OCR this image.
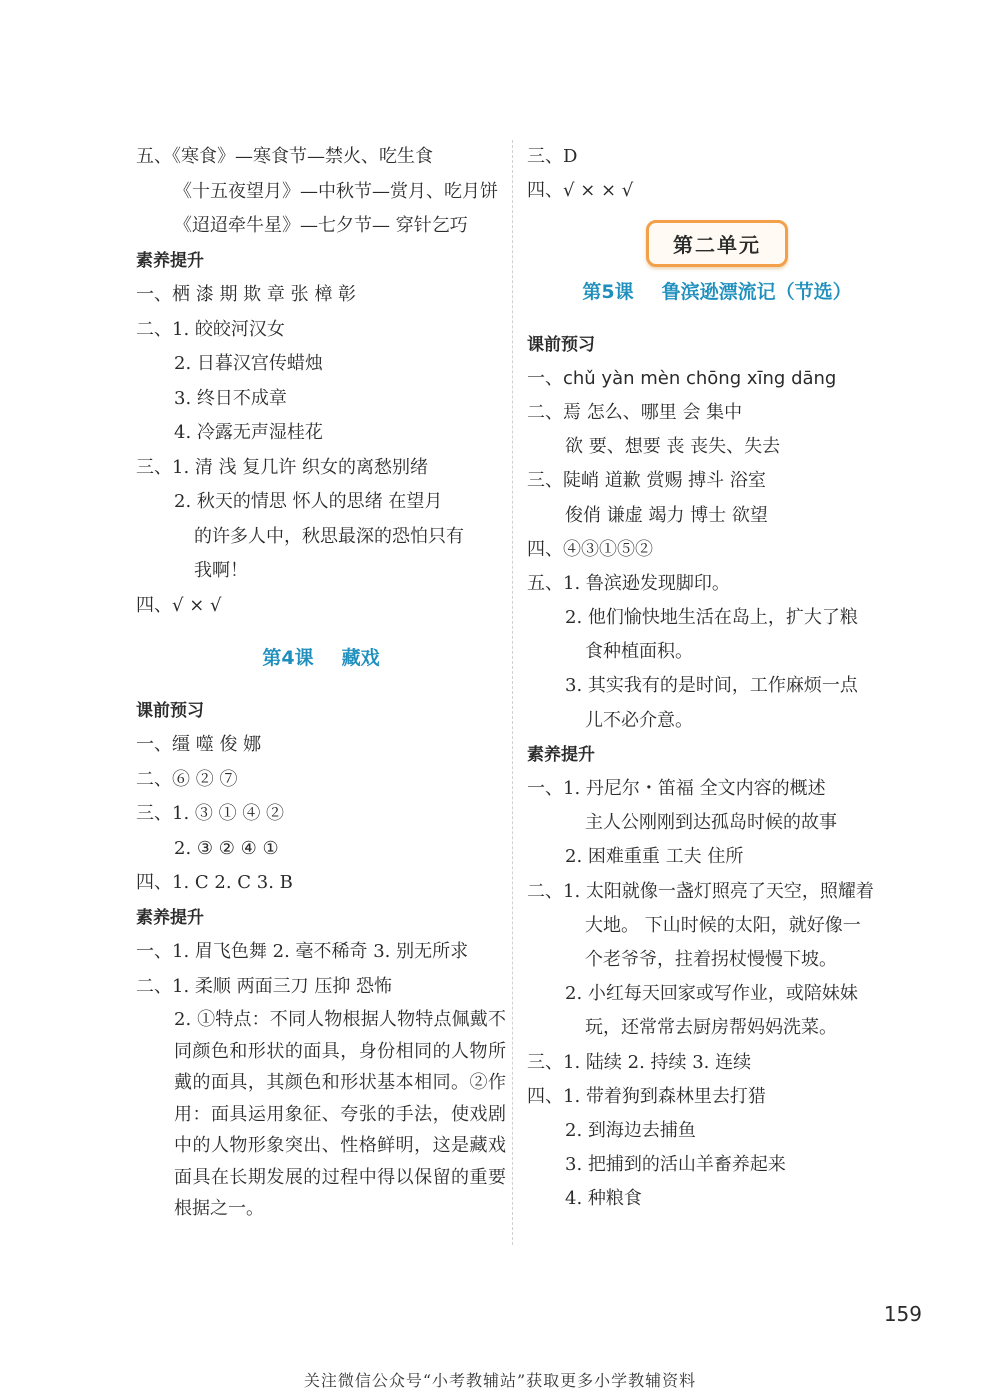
五、《寒食》—寒食节—禁火、吃生食
《十五夜望月》—中秋节—赏月、吃月饼
《迢迢牵牛星》—七夕节— 穿针乞巧
素养提升
一、栖 漆 期 欺 章 张 樟 彰
二、1. 皎皎河汉女
2. 日暮汉宫传蜡烛
3. 终日不成章
4. 冷露无声湿桂花
三、1. 清 浅 复几许 织女的离愁别绪
2. 秋天的情思 怀人的思绪 在望月
的许多人中，秋思最深的恐怕只有
我啊！
四、√ × √
第4课 藏戏
课前预习
一、缰 噬 俊 娜
二、⑥ ② ⑦
三、1. ③ ① ④ ②
2. ③ ② ④ ①
四、1. C 2. C 3. B
素养提升
一、1. 眉飞色舞 2. 毫不稀奇 3. 别无所求
二、1. 柔顺 两面三刀 压抑 恐怖
2. ①特点：不同人物根据人物特点佩戴不同颜色和形状的面具，身份相同的人物所戴的面具，其颜色和形状基本相同。②作用：面具运用象征、夸张的手法，使戏剧中的人物形象突出、性格鲜明，这是藏戏面具在长期发展的过程中得以保留的重要根据之一。
三、D
四、√ × × √
第二单元
第5课 鲁滨逊漂流记（节选）
课前预习
一、chǔ yàn mèn chōng xīng dāng
二、焉 怎么、哪里 会 集中
欲 要、想要 丧 丧失、失去
三、陡峭 道歉 赏赐 搏斗 浴室
俊俏 谦虚 竭力 博士 欲望
四、④③①⑤②
五、1. 鲁滨逊发现脚印。
2. 他们愉快地生活在岛上，扩大了粮
食种植面积。
3. 其实我有的是时间，工作麻烦一点
儿不必介意。
素养提升
一、1. 丹尼尔・笛福 全文内容的概述
主人公刚刚到达孤岛时候的故事
2. 困难重重 工夫 住所
二、1. 太阳就像一盏灯照亮了天空，照耀着
大地。 下山时候的太阳，就好像一
个老爷爷，拄着拐杖慢慢下坡。
2. 小红每天回家或写作业，或陪妹妹
玩，还常常去厨房帮妈妈洗菜。
三、1. 陆续 2. 持续 3. 连续
四、1. 带着狗到森林里去打猎
2. 到海边去捕鱼
3. 把捕到的活山羊畜养起来
4. 种粮食
159
关注微信公众号“小考教辅站”获取更多小学教辅资料
